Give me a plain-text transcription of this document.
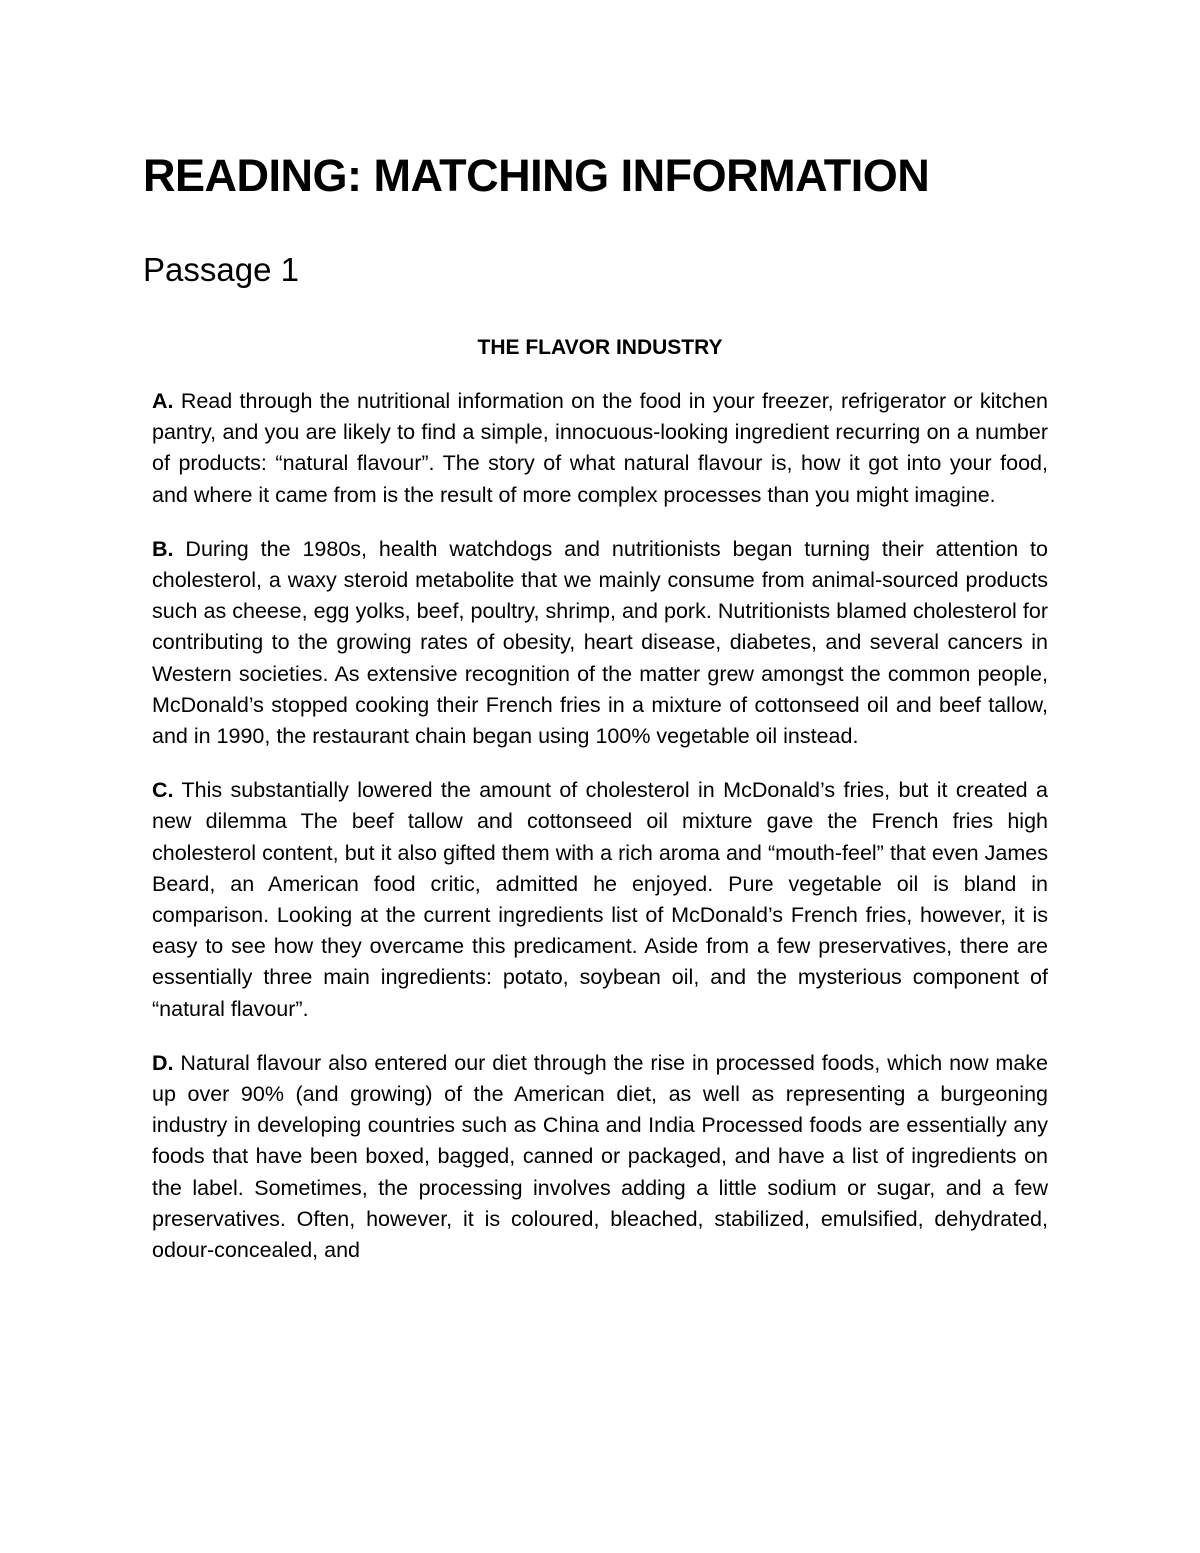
READING: MATCHING INFORMATION
Passage 1
THE FLAVOR INDUSTRY

A. Read through the nutritional information on the food in your freezer, refrigerator or kitchen pantry, and you are likely to find a simple, innocuous-looking ingredient recurring on a number of products: “natural flavour”. The story of what natural flavour is, how it got into your food, and where it came from is the result of more complex processes than you might imagine.

B. During the 1980s, health watchdogs and nutritionists began turning their attention to cholesterol, a waxy steroid metabolite that we mainly consume from animal-sourced products such as cheese, egg yolks, beef, poultry, shrimp, and pork. Nutritionists blamed cholesterol for contributing to the growing rates of obesity, heart disease, diabetes, and several cancers in Western societies. As extensive recognition of the matter grew amongst the common people, McDonald’s stopped cooking their French fries in a mixture of cottonseed oil and beef tallow, and in 1990, the restaurant chain began using 100% vegetable oil instead.

C. This substantially lowered the amount of cholesterol in McDonald’s fries, but it created a new dilemma The beef tallow and cottonseed oil mixture gave the French fries high cholesterol content, but it also gifted them with a rich aroma and “mouth-feel” that even James Beard, an American food critic, admitted he enjoyed. Pure vegetable oil is bland in comparison. Looking at the current ingredients list of McDonald’s French fries, however, it is easy to see how they overcame this predicament. Aside from a few preservatives, there are essentially three main ingredients: potato, soybean oil, and the mysterious component of “natural flavour”.

D. Natural flavour also entered our diet through the rise in processed foods, which now make up over 90% (and growing) of the American diet, as well as representing a burgeoning industry in developing countries such as China and India Processed foods are essentially any foods that have been boxed, bagged, canned or packaged, and have a list of ingredients on the label. Sometimes, the processing involves adding a little sodium or sugar, and a few preservatives. Often, however, it is coloured, bleached, stabilized, emulsified, dehydrated, odour-concealed, and
